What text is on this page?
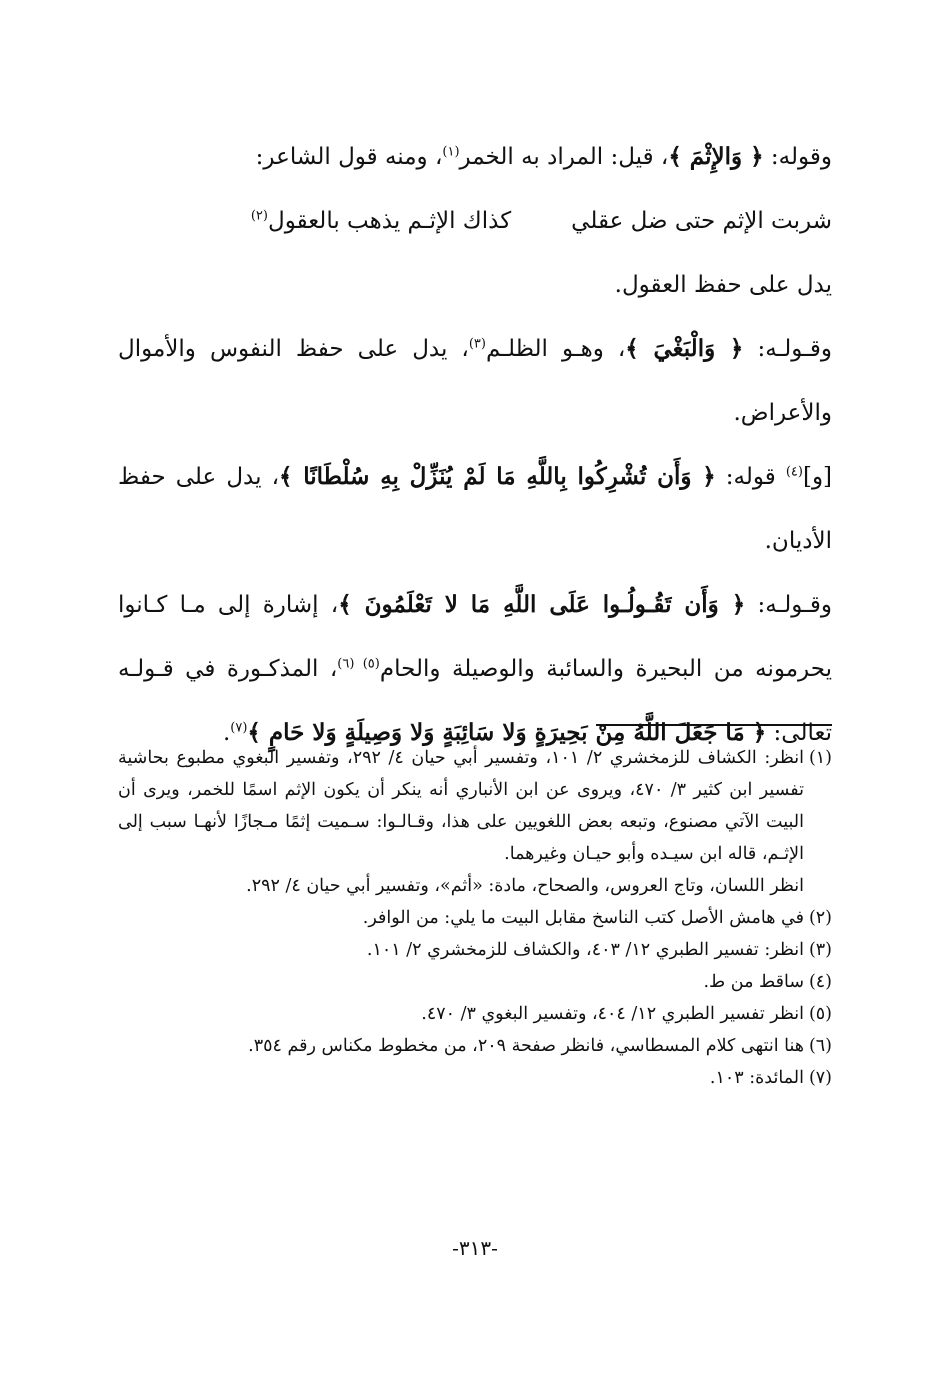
وقوله: ﴿ وَالإِثْمَ ﴾، قيل: المراد به الخمر$^{(١)}$، ومنه قول الشاعر:

شربت الإثم حتى ضل عقلي
كذاك الإثـم يذهب بالعقول$^{(٢)}$

يدل على حفظ العقول.

وقـولـه: ﴿ وَالْبَغْيَ ﴾، وهـو الظلـم$^{(٣)}$، يدل على حفظ النفوس والأموال والأعراض.

[و]$^{(٤)}$ قوله: ﴿ وَأَن تُشْرِكُوا بِاللَّهِ مَا لَمْ يُنَزِّلْ بِهِ سُلْطَانًا ﴾، يدل على حفظ الأديان.

وقـولـه: ﴿ وَأَن تَقُـولُـوا عَلَى اللَّهِ مَا لا تَعْلَمُونَ ﴾، إشارة إلى مـا كـانوا يحرمونه من البحيرة والسائبة والوصيلة والحام$^{(٥) (٦)}$، المذكـورة في قـولـه تعالى: ﴿ مَا جَعَلَ اللَّهُ مِنْ بَحِيرَةٍ وَلا سَائِبَةٍ وَلا وَصِيلَةٍ وَلا حَامٍ ﴾$^{(٧)}$.

(١)
انظر: الكشاف للزمخشري ٢/ ١٠١، وتفسير أبي حيان ٤/ ٢٩٢، وتفسير البغوي مطبوع بحاشية تفسير ابن كثير ٣/ ٤٧٠، ويروى عن ابن الأنباري أنه ينكر أن يكون الإثم اسمًا للخمر، ويرى أن البيت الآتي مصنوع، وتبعه بعض اللغويين على هذا، وقـالـوا: سـميت إثمًا مـجازًا لأنهـا سبب إلى الإثـم، قاله ابن سيـده وأبو حيـان وغيرهما.

انظر اللسان، وتاج العروس، والصحاح، مادة: «أثم»، وتفسير أبي حيان ٤/ ٢٩٢.

(٢)
في هامش الأصل كتب الناسخ مقابل البيت ما يلي: من الوافر.
(٣)
انظر: تفسير الطبري ١٢/ ٤٠٣، والكشاف للزمخشري ٢/ ١٠١.
(٤)
ساقط من ط.
(٥)
انظر تفسير الطبري ١٢/ ٤٠٤، وتفسير البغوي ٣/ ٤٧٠.
(٦)
هنا انتهى كلام المسطاسي، فانظر صفحة ٢٠٩، من مخطوط مكناس رقم ٣٥٤.
(٧)
المائدة: ١٠٣.
-٣١٣-
